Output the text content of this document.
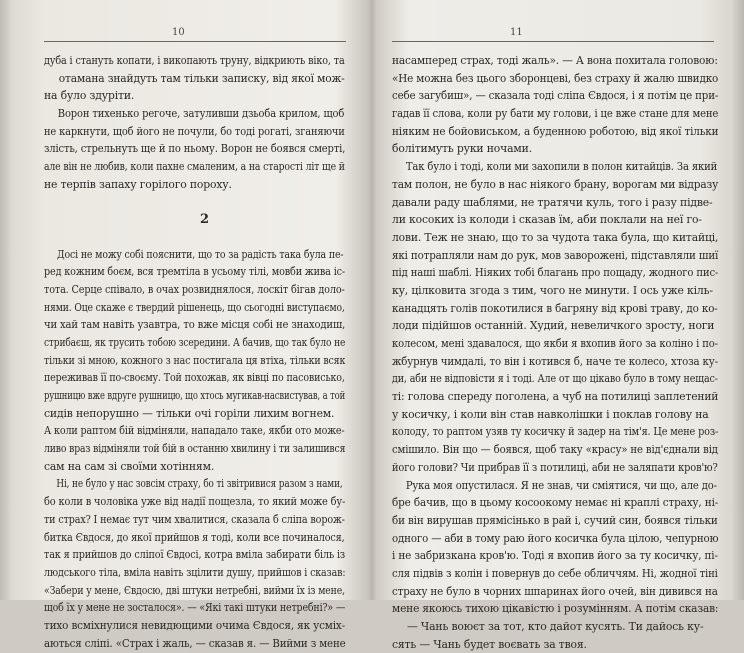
10
дуба і стануть копати, і викопають труну, відкриють віко, та
отамана знайдуть там тільки записку, від якої мож-
на було здуріти.
Ворон тихенько регоче, затуливши дзьоба крилом, щоб
не каркнути, щоб його не почули, бо тоді рогаті, зганяючи
злість, стрельнуть ще й по ньому. Ворон не боявся смерті,
але він не любив, коли пахне смаленим, а на старості літ ще й
не терпів запаху горілого пороху.
2
Досі не можу собі пояснити, що то за радість така була пе-
ред кожним боєм, вся тремтіла в усьому тілі, мовби жива іс-
тота. Серце співало, в очах розвиднялося, лоскіт бігав доло-
нями. Оце скаже є твердий рішенець, що сьогодні виступаємо,
чи хай там навіть узавтра, то вже місця собі не знаходиш,
стрибаєш, як трусить тобою зсередини. А бачив, що так було не
тільки зі мною, кожного з нас постигала ця втіха, тільки всяк
переживав її по-своєму. Той похожав, як вівці по пасовисько,
рушницю вже вдруге рушницю, що хтось мугикав-насвистував, а той
сидів непорушно — тільки очі горіли лихим вогнем.
А коли раптом бій відміняли, нападало таке, якби ото може-
ливо враз відміняли той бій в останню хвилину і ти залишився
сам на сам зі своїми хотінням.
Ні, не було у нас зовсім страху, бо ті звітривися разом з нами,
бо коли в чоловіка уже від надії пощезла, то який може бу-
ти страх? І немає тут чим хвалитися, сказала б сліпа ворож-
битка Євдося, до якої прийшов я тоді, коли все починалося,
так я прийшов до сліпої Євдосі, котра вміла забирати біль із
людського тіла, вміла навіть зцілити душу, прийшов і сказав:
«Забери у мене, Євдосю, дві штуки нетребні, вийми їх із мене,
щоб їх у мене не зосталося». — «Які такі штуки нетребні?» —
тихо всміхнулися невидющими очима Євдося, як усміх-
аються сліпі. «Страх і жаль, — сказав я. — Вийми з мене
11
насамперед страх, тоді жаль». — А вона похитала головою:
«Не можна без цього зборонцеві, без страху й жалю швидко
себе загубиш», — сказала тоді сліпа Євдося, і я потім це при-
гадав її слова, коли ру бати му голови, і це вже стане для мене
ніяким не бойовиськом, а буденною роботою, від якої тільки
болітимуть руки ночами.
Так було і тоді, коли ми захопили в полон китайців. За який
там полон, не було в нас ніякого брану, ворогам ми відразу
давали раду шаблями, не тратячи куль, того і разу підве-
ли косоких із колоди і сказав їм, аби поклали на неї го-
лови. Теж не знаю, що то за чудота така була, що китайці,
які потрапляли нам до рук, мов заворожені, підставляли шиї
під наші шаблі. Ніяких тобі благань про пощаду, жодного пис-
ку, цілковита згода з тим, чого не минути. І ось уже кіль-
канадцять голів покотилися в багряну від крові траву, до ко-
лоди підійшов останній. Худий, невеличкого зросту, ноги
колесом, мені здавалося, що якби я вхопив його за коліно і по-
жбурнув чимдалі, то він і котився б, наче те колесо, хтоза ку-
ди, аби не відповісти я і тоді. Але от що цікаво було в тому нещас-
ті: голова спереду поголена, а чуб на потилиці заплетений
у косичку, і коли він став навколішки і поклав голову на
колоду, то раптом узяв ту косичку й задер на тім'я. Це мене роз-
смішило. Він що — боявся, щоб таку «красу» не від'єднали від
його голови? Чи прибрав її з потилиці, аби не заляпати кров'ю?
Рука моя опустилася. Я не знав, чи сміятися, чи що, але до-
бре бачив, що в цьому косоокому немає ні краплі страху, ні-
би він вирушав прямісінько в рай і, сучий син, боявся тільки
одного — аби в тому раю його косичка була цілою, чепурною
і не забризкана кров'ю. Тоді я вхопив його за ту косичку, пі-
сля підвів з колін і повернув до себе обличчям. Ні, жодної тіні
страху не було в чорних шпаринах його очей, він дивився на
мене якоюсь тихою цікавістю і розумінням. А потім сказав:
— Чань воюєт за тот, кто дайот кусять. Ти дайось ку-
сять — Чань будет воєвать за твоя.
